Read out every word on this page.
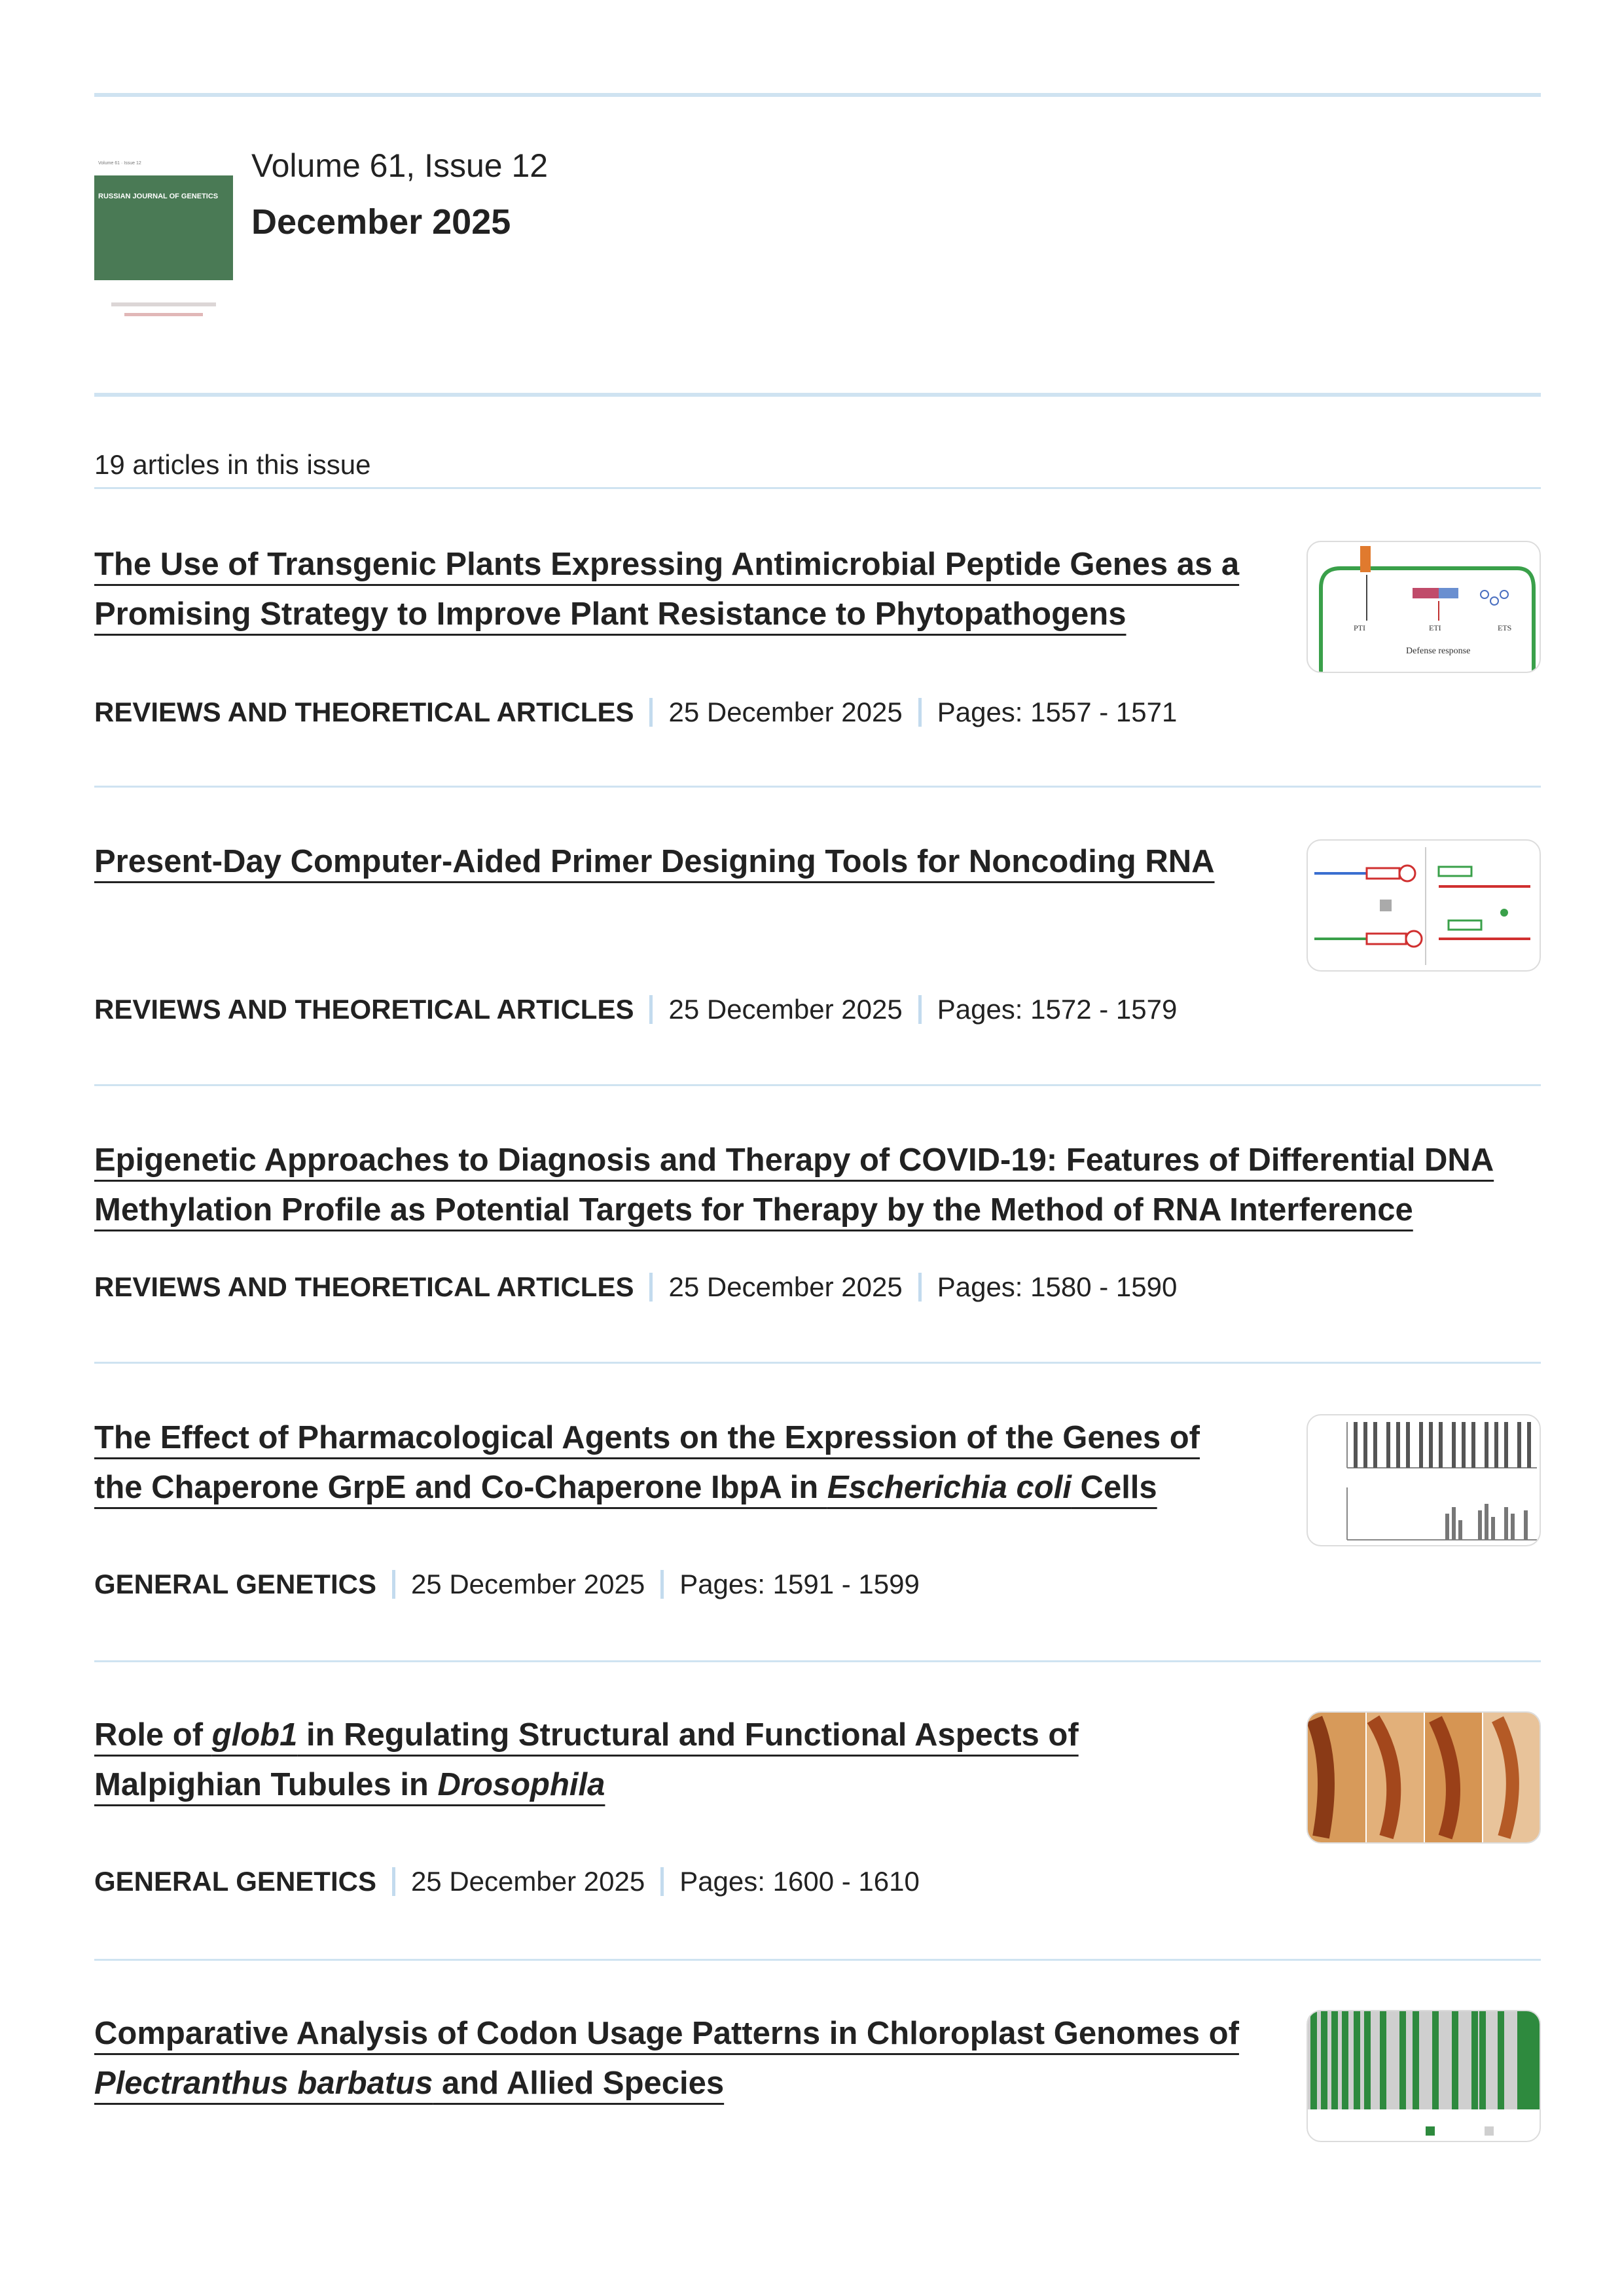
Volume 61 · Issue 12
RUSSIAN JOURNAL OF GENETICS
Volume 61, Issue 12
December 2025
19 articles in this issue
The Use of Transgenic Plants Expressing Antimicrobial Peptide Genes as a Promising Strategy to Improve Plant Resistance to Phytopathogens
REVIEWS AND THEORETICAL ARTICLES 25 December 2025 Pages: 1557 - 1571
PTI	ETI	ETS
Defense response
Present-Day Computer-Aided Primer Designing Tools for Noncoding RNA
REVIEWS AND THEORETICAL ARTICLES 25 December 2025 Pages: 1572 - 1579
Epigenetic Approaches to Diagnosis and Therapy of COVID-19: Features of Differential DNA Methylation Profile as Potential Targets for Therapy by the Method of RNA Interference
REVIEWS AND THEORETICAL ARTICLES 25 December 2025 Pages: 1580 - 1590
The Effect of Pharmacological Agents on the Expression of the Genes of the Chaperone GrpE and Co-Chaperone IbpA in Escherichia coli Cells
GENERAL GENETICS 25 December 2025 Pages: 1591 - 1599
Role of glob1 in Regulating Structural and Functional Aspects of Malpighian Tubules in Drosophila
GENERAL GENETICS 25 December 2025 Pages: 1600 - 1610
Comparative Analysis of Codon Usage Patterns in Chloroplast Genomes of Plectranthus barbatus and Allied Species
